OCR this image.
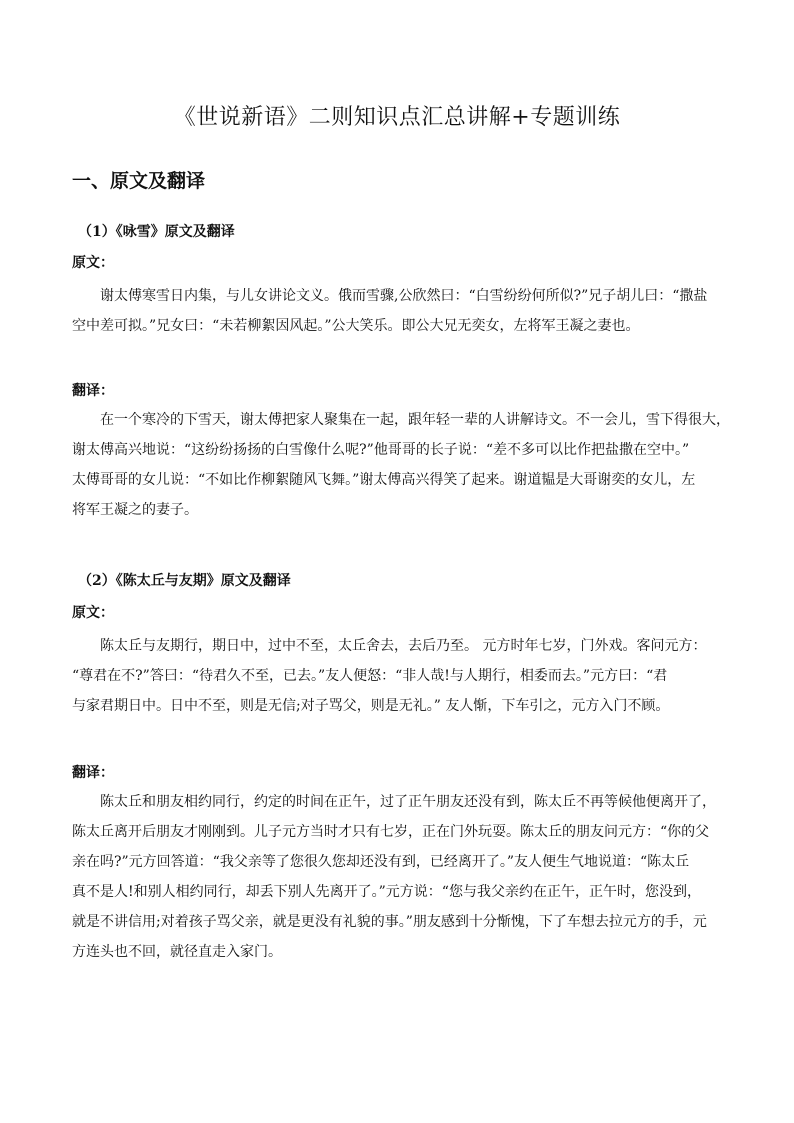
《世说新语》二则知识点汇总讲解+专题训练
一、原文及翻译
（1）《咏雪》原文及翻译
原文：
谢太傅寒雪日内集，与儿女讲论文义。俄而雪骤,公欣然曰：“白雪纷纷何所似?”兄子胡儿曰：“撒盐
空中差可拟。”兄女曰：“未若柳絮因风起。”公大笑乐。即公大兄无奕女，左将军王凝之妻也。
翻译：
在一个寒冷的下雪天，谢太傅把家人聚集在一起，跟年轻一辈的人讲解诗文。不一会儿，雪下得很大，
谢太傅高兴地说：“这纷纷扬扬的白雪像什么呢?”他哥哥的长子说：“差不多可以比作把盐撒在空中。”
太傅哥哥的女儿说：“不如比作柳絮随风飞舞。”谢太傅高兴得笑了起来。谢道韫是大哥谢奕的女儿，左
将军王凝之的妻子。
（2）《陈太丘与友期》原文及翻译
原文：
陈太丘与友期行，期日中，过中不至，太丘舍去，去后乃至。 元方时年七岁，门外戏。客问元方：
“尊君在不?”答曰：“待君久不至，已去。”友人便怒：“非人哉!与人期行，相委而去。”元方曰：“君
与家君期日中。日中不至，则是无信;对子骂父，则是无礼。” 友人惭，下车引之，元方入门不顾。
翻译：
陈太丘和朋友相约同行，约定的时间在正午，过了正午朋友还没有到，陈太丘不再等候他便离开了，
陈太丘离开后朋友才刚刚到。儿子元方当时才只有七岁，正在门外玩耍。陈太丘的朋友问元方：“你的父
亲在吗?”元方回答道：“我父亲等了您很久您却还没有到，已经离开了。”友人便生气地说道：“陈太丘
真不是人!和别人相约同行，却丢下别人先离开了。”元方说：“您与我父亲约在正午，正午时，您没到，
就是不讲信用;对着孩子骂父亲，就是更没有礼貌的事。”朋友感到十分惭愧，下了车想去拉元方的手，元
方连头也不回，就径直走入家门。
